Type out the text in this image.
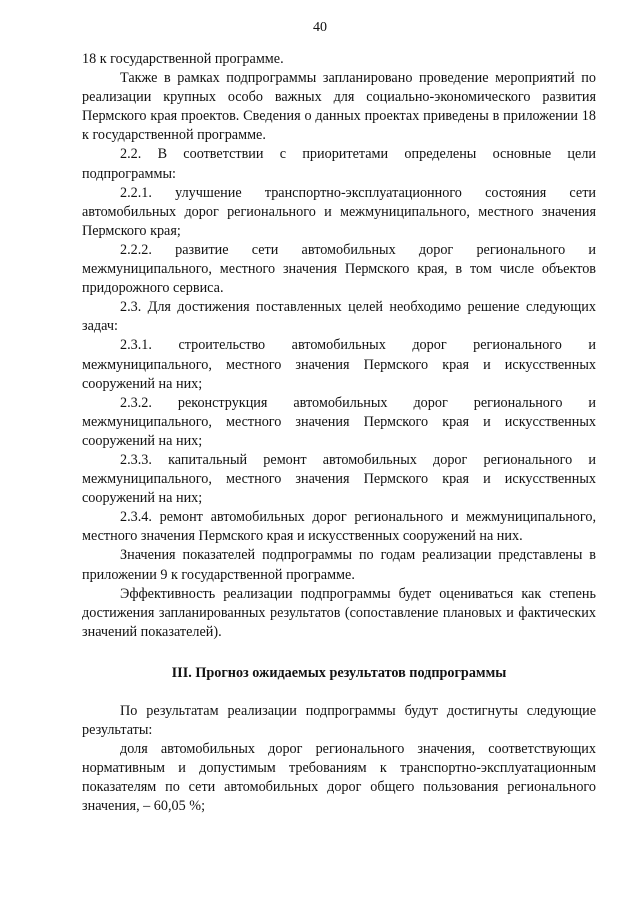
40

18 к государственной программе.

Также в рамках подпрограммы запланировано проведение мероприятий по реализации крупных особо важных для социально-экономического развития Пермского края проектов. Сведения о данных проектах приведены в приложении 18 к государственной программе.

2.2. В соответствии с приоритетами определены основные цели подпрограммы:

2.2.1. улучшение транспортно-эксплуатационного состояния сети автомобильных дорог регионального и межмуниципального, местного значения Пермского края;

2.2.2. развитие сети автомобильных дорог регионального и межмуниципального, местного значения Пермского края, в том числе объектов придорожного сервиса.

2.3. Для достижения поставленных целей необходимо решение следующих задач:

2.3.1. строительство автомобильных дорог регионального и межмуниципального, местного значения Пермского края и искусственных сооружений на них;

2.3.2. реконструкция автомобильных дорог регионального и межмуниципального, местного значения Пермского края и искусственных сооружений на них;

2.3.3. капитальный ремонт автомобильных дорог регионального и межмуниципального, местного значения Пермского края и искусственных сооружений на них;

2.3.4. ремонт автомобильных дорог регионального и межмуниципального, местного значения Пермского края и искусственных сооружений на них.

Значения показателей подпрограммы по годам реализации представлены в приложении 9 к государственной программе.

Эффективность реализации подпрограммы будет оцениваться как степень достижения запланированных результатов (сопоставление плановых и фактических значений показателей).

III. Прогноз ожидаемых результатов подпрограммы

По результатам реализации подпрограммы будут достигнуты следующие результаты:

доля автомобильных дорог регионального значения, соответствующих нормативным и допустимым требованиям к транспортно-эксплуатационным показателям по сети автомобильных дорог общего пользования регионального значения, – 60,05 %;
